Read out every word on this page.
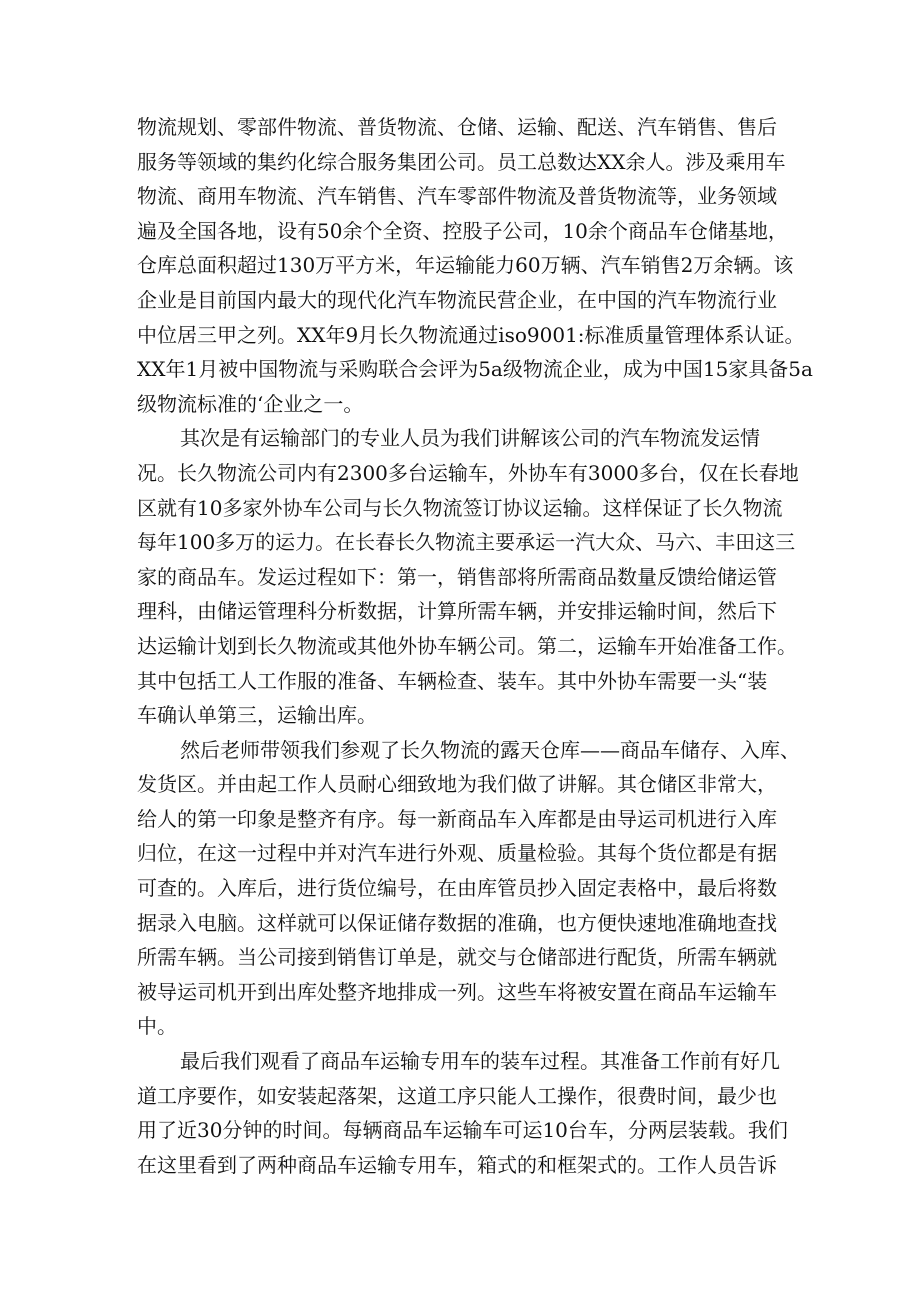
物流规划、零部件物流、普货物流、仓储、运输、配送、汽车销售、售后
服务等领域的集约化综合服务集团公司。员工总数达XX余人。涉及乘用车
物流、商用车物流、汽车销售、汽车零部件物流及普货物流等，业务领域
遍及全国各地，设有50余个全资、控股子公司，10余个商品车仓储基地，
仓库总面积超过130万平方米，年运输能力60万辆、汽车销售2万余辆。该
企业是目前国内最大的现代化汽车物流民营企业，在中国的汽车物流行业
中位居三甲之列。XX年9月长久物流通过iso9001:标准质量管理体系认证。
XX年1月被中国物流与采购联合会评为5a级物流企业，成为中国15家具备5a
级物流标准的‘企业之一。
其次是有运输部门的专业人员为我们讲解该公司的汽车物流发运情
况。长久物流公司内有2300多台运输车，外协车有3000多台，仅在长春地
区就有10多家外协车公司与长久物流签订协议运输。这样保证了长久物流
每年100多万的运力。在长春长久物流主要承运一汽大众、马六、丰田这三
家的商品车。发运过程如下：第一，销售部将所需商品数量反馈给储运管
理科，由储运管理科分析数据，计算所需车辆，并安排运输时间，然后下
达运输计划到长久物流或其他外协车辆公司。第二，运输车开始准备工作。
其中包括工人工作服的准备、车辆检查、装车。其中外协车需要一头“装
车确认单第三，运输出库。
然后老师带领我们参观了长久物流的露天仓库——商品车储存、入库、
发货区。并由起工作人员耐心细致地为我们做了讲解。其仓储区非常大，
给人的第一印象是整齐有序。每一新商品车入库都是由导运司机进行入库
归位，在这一过程中并对汽车进行外观、质量检验。其每个货位都是有据
可查的。入库后，进行货位编号，在由库管员抄入固定表格中，最后将数
据录入电脑。这样就可以保证储存数据的准确，也方便快速地准确地查找
所需车辆。当公司接到销售订单是，就交与仓储部进行配货，所需车辆就
被导运司机开到出库处整齐地排成一列。这些车将被安置在商品车运输车
中。
最后我们观看了商品车运输专用车的装车过程。其准备工作前有好几
道工序要作，如安装起落架，这道工序只能人工操作，很费时间，最少也
用了近30分钟的时间。每辆商品车运输车可运10台车，分两层装载。我们
在这里看到了两种商品车运输专用车，箱式的和框架式的。工作人员告诉
